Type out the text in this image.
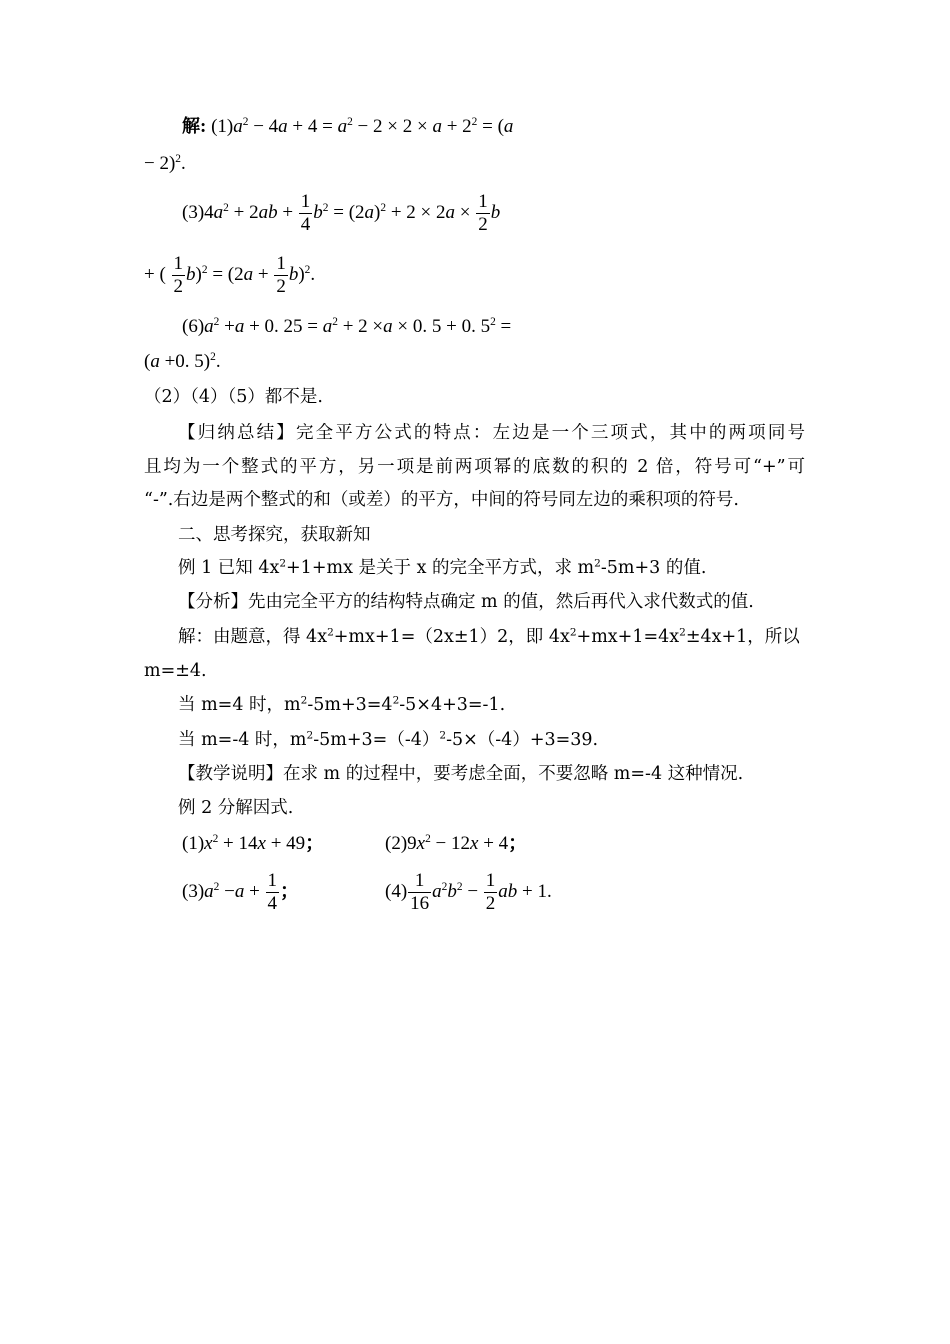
解: $(1)a^2 - 4a + 4 = a^2 - 2 \times 2 \times a + 2^2 = (a$
− 2)$^2$.
$(3)4a^2 + 2ab + \frac{1}{4} b^2 = (2a)^2 + 2 \times 2a \times \frac{1}{2}$ b
+ ( $\frac{1}{2} b)^2 = (2a + \frac{1}{2} b)^2$.
$(6)a^2 +a + 0$. $25 = a^2 + 2 \times a \times 0$. 5 + 0. $5^2$ =
(a +0. 5)$^2$.
（2）（4）（5）都不是.
【归纳总结】完全平方公式的特点：左边是一个三项式，其中的两项同号
且均为一个整式的平方，另一项是前两项幂的底数的积的 2 倍，符号可“+”可
“-”.右边是两个整式的和（或差）的平方，中间的符号同左边的乘积项的符号.
二、思考探究，获取新知
例 1 已知 $4x^2+1+mx$ 是关于 x 的完全平方式，求 $m^2-5m+3$ 的值.
【分析】先由完全平方的结构特点确定 m 的值，然后再代入求代数式的值.
解：由题意，得 $4x^2+mx+1=(2x\pm 1)2$，即 $4x^2+mx+1=4x^2\pm 4x+1$，所以
m=±4.
当 m=4 时，$m^2-5m+3=4^2-5\times 4+3=-1$.
当 m=-4 时，$m^2-5m+3=(-4)^2-5\times(-4)+3=39$.
【教学说明】在求 m 的过程中，要考虑全面，不要忽略 m=-4 这种情况.
例 2 分解因式.
$(1)x^2 + 14x + 49$；	$(2)9x^2 - 12x + 4$；
$(3)a^2 -a + \frac{1}{4}$ ；	$(4) \frac{1}{16} a^2b^2 - \frac{1}{2}$ ab + 1.
